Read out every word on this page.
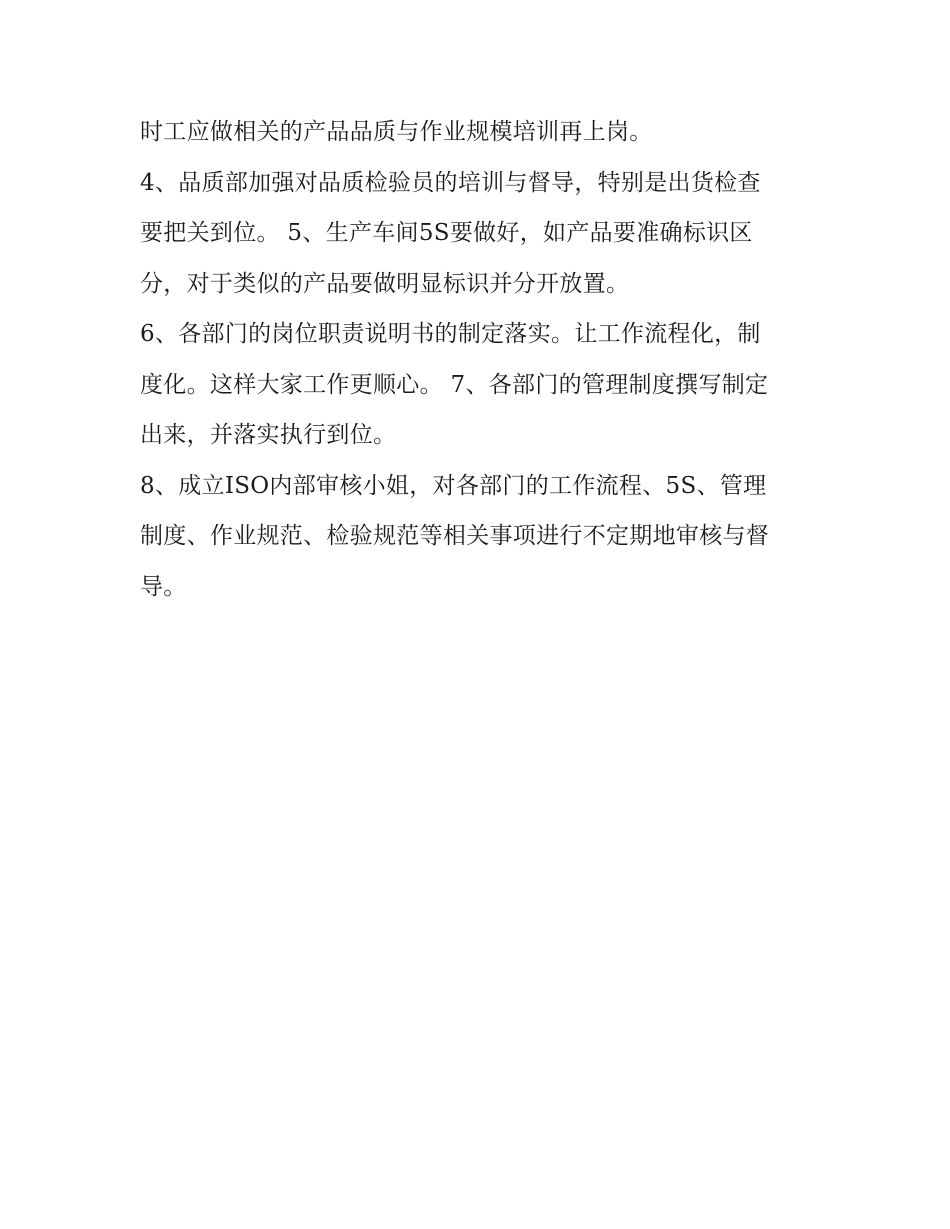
时工应做相关的产品品质与作业规模培训再上岗。
4、品质部加强对品质检验员的培训与督导，特别是出货检查
要把关到位。 5、生产车间5S要做好，如产品要准确标识区
分，对于类似的产品要做明显标识并分开放置。
6、各部门的岗位职责说明书的制定落实。让工作流程化，制
度化。这样大家工作更顺心。 7、各部门的管理制度撰写制定
出来，并落实执行到位。
8、成立ISO内部审核小姐，对各部门的工作流程、5S、管理
制度、作业规范、检验规范等相关事项进行不定期地审核与督
导。
